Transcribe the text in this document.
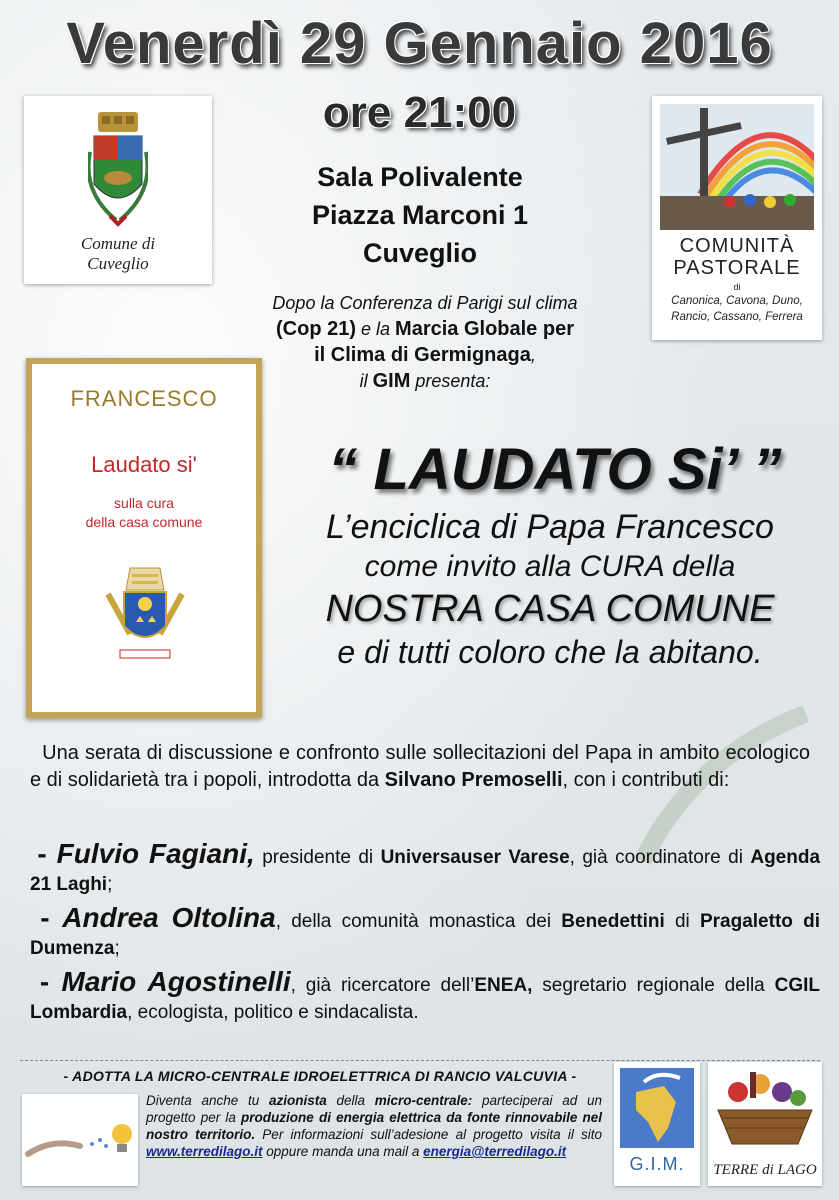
Venerdì 29 Gennaio 2016
ore 21:00
Sala Polivalente
Piazza Marconi 1
Cuveglio
Comune di
Cuveglio
COMUNITÀ
PASTORALE
di
Canonica, Cavona, Duno,
Rancio, Cassano, Ferrera
Dopo la Conferenza di Parigi sul clima
(Cop 21) e la Marcia Globale per
il Clima di Germignaga,
il GIM presenta:
FRANCESCO
Laudato si'
sulla cura
della casa comune
“ LAUDATO Si’ ”
L’enciclica di Papa Francesco
come invito alla CURA della
NOSTRA CASA COMUNE
e di tutti coloro che la abitano.
Una serata di discussione e confronto sulle sollecitazioni del Papa in ambito ecologico e di solidarietà tra i popoli, introdotta da Silvano Premoselli, con i contributi di:
- Fulvio Fagiani, presidente di Universauser Varese, già coordinatore di Agenda 21 Laghi;
- Andrea Oltolina, della comunità monastica dei Benedettini di Pragaletto di Dumenza;
- Mario Agostinelli, già ricercatore dell’ENEA, segretario regionale della CGIL Lombardia, ecologista, politico e sindacalista.
- ADOTTA LA MICRO-CENTRALE IDROELETTRICA DI RANCIO VALCUVIA -
Diventa anche tu azionista della micro-centrale: parteciperai ad un progetto per la produzione di energia elettrica da fonte rinnovabile nel nostro territorio. Per informazioni sull’adesione al progetto visita il sito www.terredilago.it oppure manda una mail a energia@terredilago.it
G.I.M.	TERRE di LAGO
